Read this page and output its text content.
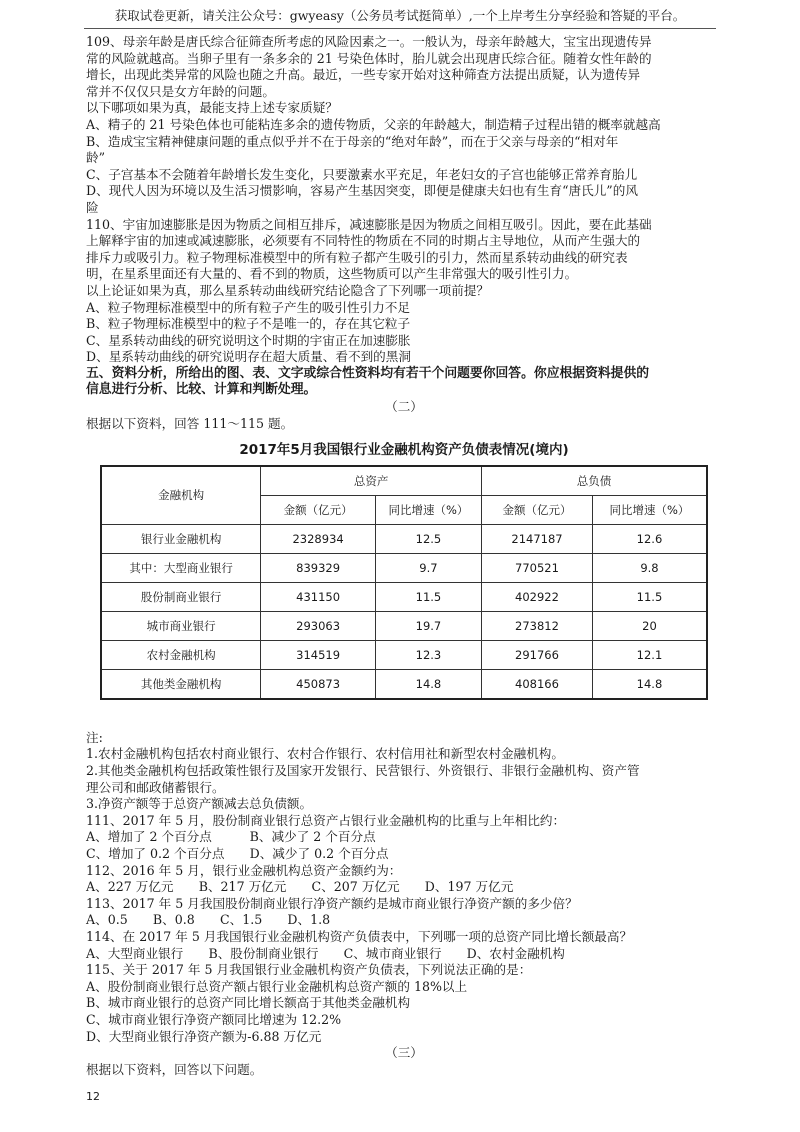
获取试卷更新，请关注公众号：gwyeasy（公务员考试挺简单）,一个上岸考生分享经验和答疑的平台。

109、母亲年龄是唐氏综合征筛查所考虑的风险因素之一。一般认为，母亲年龄越大，宝宝出现遗传异

常的风险就越高。当卵子里有一条多余的 21 号染色体时，胎儿就会出现唐氏综合征。随着女性年龄的

增长，出现此类异常的风险也随之升高。最近，一些专家开始对这种筛查方法提出质疑，认为遗传异

常并不仅仅只是女方年龄的问题。

以下哪项如果为真，最能支持上述专家质疑？

A、精子的 21 号染色体也可能粘连多余的遗传物质，父亲的年龄越大，制造精子过程出错的概率就越高

B、造成宝宝精神健康问题的重点似乎并不在于母亲的“绝对年龄”，而在于父亲与母亲的“相对年

龄”

C、子宫基本不会随着年龄增长发生变化，只要激素水平充足，年老妇女的子宫也能够正常养育胎儿

D、现代人因为环境以及生活习惯影响，容易产生基因突变，即便是健康夫妇也有生育“唐氏儿”的风

险

110、宇宙加速膨胀是因为物质之间相互排斥，减速膨胀是因为物质之间相互吸引。因此，要在此基础

上解释宇宙的加速或减速膨胀，必须要有不同特性的物质在不同的时期占主导地位，从而产生强大的

排斥力或吸引力。粒子物理标准模型中的所有粒子都产生吸引的引力，然而星系转动曲线的研究表

明，在星系里面还有大量的、看不到的物质，这些物质可以产生非常强大的吸引性引力。

以上论证如果为真，那么星系转动曲线研究结论隐含了下列哪一项前提？

A、粒子物理标准模型中的所有粒子产生的吸引性引力不足

B、粒子物理标准模型中的粒子不是唯一的，存在其它粒子

C、星系转动曲线的研究说明这个时期的宇宙正在加速膨胀

D、星系转动曲线的研究说明存在超大质量、看不到的黑洞

五、资料分析，所给出的图、表、文字或综合性资料均有若干个问题要你回答。你应根据资料提供的

信息进行分析、比较、计算和判断处理。

（二）

根据以下资料，回答 111～115 题。

2017年5月我国银行业金融机构资产负债表情况(境内)
金融机构	总资产		总负债	
	金额（亿元）	同比增速（%）	金额（亿元）	同比增速（%）
银行业金融机构	2328934	12.5	2147187	12.6
其中：大型商业银行	839329	9.7	770521	9.8
股份制商业银行	431150	11.5	402922	11.5
城市商业银行	293063	19.7	273812	20
农村金融机构	314519	12.3	291766	12.1
其他类金融机构	450873	14.8	408166	14.8

注:

1.农村金融机构包括农村商业银行、农村合作银行、农村信用社和新型农村金融机构。

2.其他类金融机构包括政策性银行及国家开发银行、民营银行、外资银行、非银行金融机构、资产管

理公司和邮政储蓄银行。

3.净资产额等于总资产额减去总负债额。

111、2017 年 5 月，股份制商业银行总资产占银行业金融机构的比重与上年相比约：

A、增加了 2 个百分点　　　B、减少了 2 个百分点

C、增加了 0.2 个百分点　　D、减少了 0.2 个百分点

112、2016 年 5 月，银行业金融机构总资产金额约为：

A、227 万亿元　　B、217 万亿元　　C、207 万亿元　　D、197 万亿元

113、2017 年 5 月我国股份制商业银行净资产额约是城市商业银行净资产额的多少倍？

A、0.5　　B、0.8　　C、1.5　　D、1.8

114、在 2017 年 5 月我国银行业金融机构资产负债表中，下列哪一项的总资产同比增长额最高？

A、大型商业银行　　B、股份制商业银行　　C、城市商业银行　　D、农村金融机构

115、关于 2017 年 5 月我国银行业金融机构资产负债表，下列说法正确的是：

A、股份制商业银行总资产额占银行业金融机构总资产额的 18%以上

B、城市商业银行的总资产同比增长额高于其他类金融机构

C、城市商业银行净资产额同比增速为 12.2%

D、大型商业银行净资产额为-6.88 万亿元

（三）

根据以下资料，回答以下问题。

12
